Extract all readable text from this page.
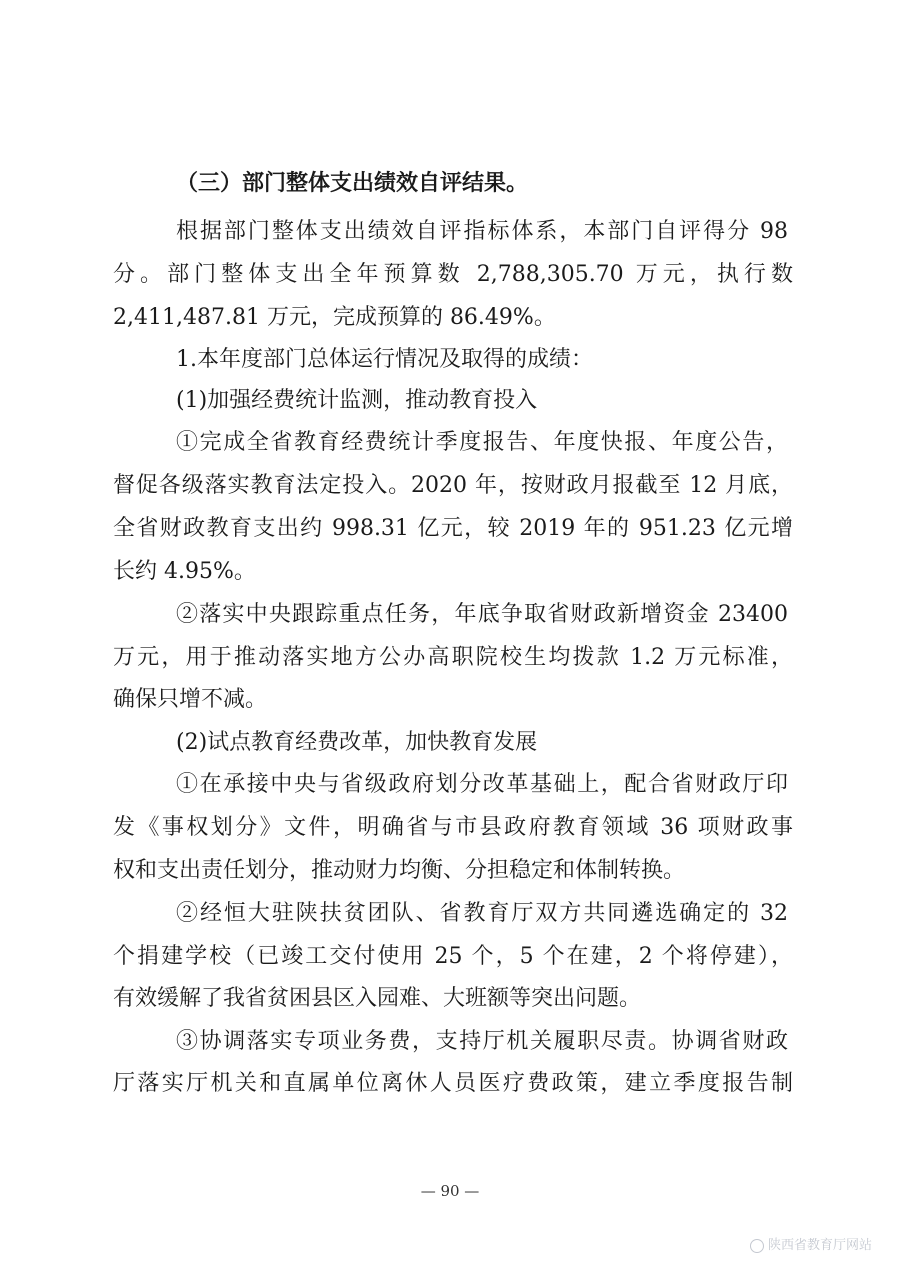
（三）部门整体支出绩效自评结果。
根据部门整体支出绩效自评指标体系，本部门自评得分 98
分。部门整体支出全年预算数 2,788,305.70 万元，执行数
2,411,487.81 万元，完成预算的 86.49%。
1.本年度部门总体运行情况及取得的成绩：
(1)加强经费统计监测，推动教育投入
①完成全省教育经费统计季度报告、年度快报、年度公告，
督促各级落实教育法定投入。2020 年，按财政月报截至 12 月底，
全省财政教育支出约 998.31 亿元，较 2019 年的 951.23 亿元增
长约 4.95%。
②落实中央跟踪重点任务，年底争取省财政新增资金 23400
万元，用于推动落实地方公办高职院校生均拨款 1.2 万元标准，
确保只增不减。
(2)试点教育经费改革，加快教育发展
①在承接中央与省级政府划分改革基础上，配合省财政厅印
发《事权划分》文件，明确省与市县政府教育领域 36 项财政事
权和支出责任划分，推动财力均衡、分担稳定和体制转换。
②经恒大驻陕扶贫团队、省教育厅双方共同遴选确定的 32
个捐建学校（已竣工交付使用 25 个，5 个在建，2 个将停建），
有效缓解了我省贫困县区入园难、大班额等突出问题。
③协调落实专项业务费，支持厅机关履职尽责。协调省财政
厅落实厅机关和直属单位离休人员医疗费政策，建立季度报告制
— 90 —
陕西省教育厅网站
